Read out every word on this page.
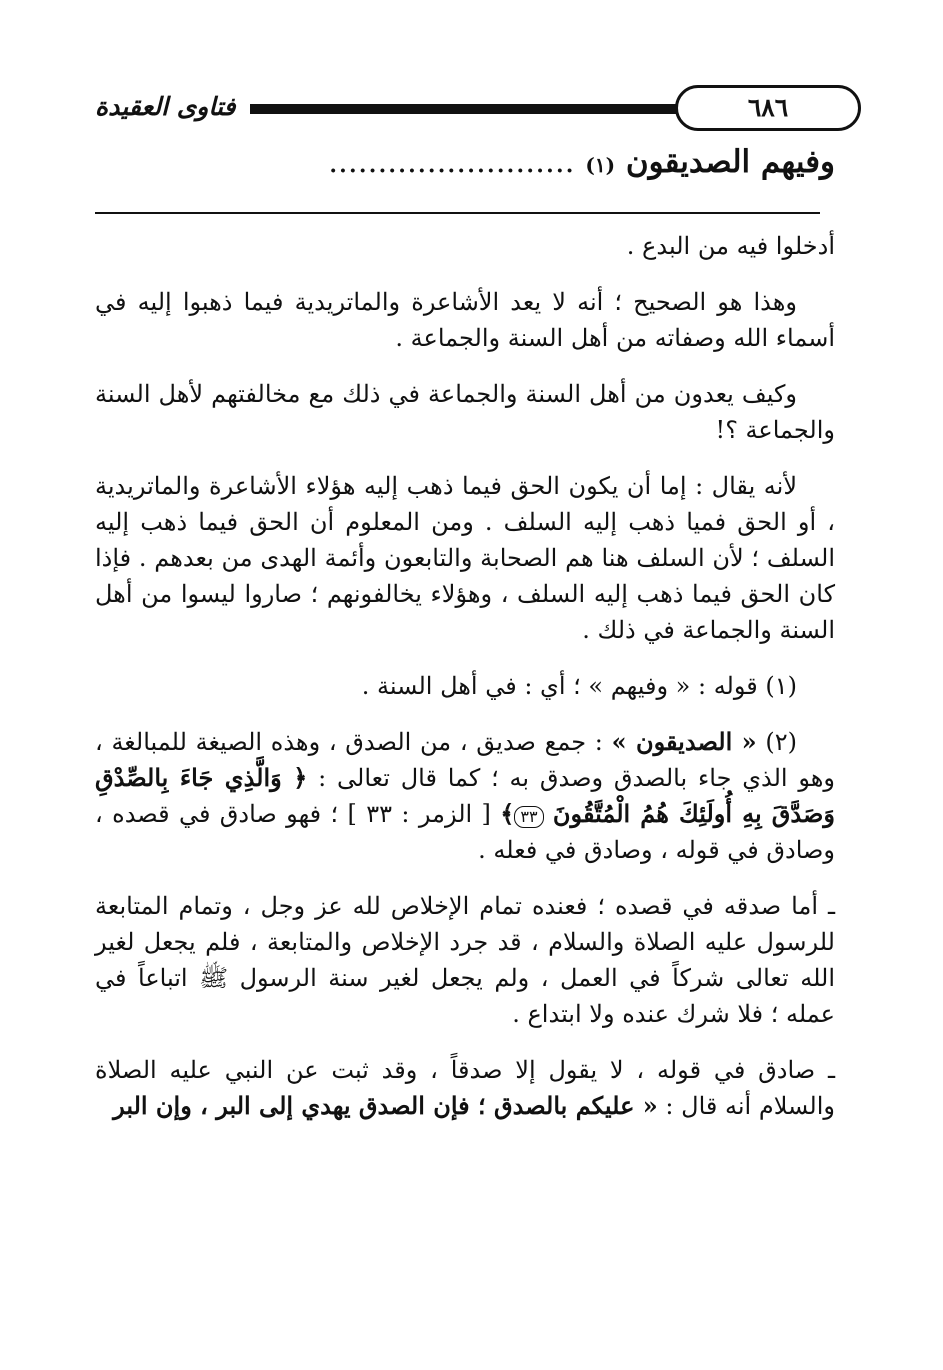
فتاوى العقيدة	٦٨٦
وفيهم الصديقون (١) .........................

أدخلوا فيه من البدع .

وهذا هو الصحيح ؛ أنه لا يعد الأشاعرة والماتريدية فيما ذهبوا إليه في أسماء الله وصفاته من أهل السنة والجماعة .

وكيف يعدون من أهل السنة والجماعة في ذلك مع مخالفتهم لأهل السنة والجماعة ؟!

لأنه يقال : إما أن يكون الحق فيما ذهب إليه هؤلاء الأشاعرة والماتريدية ، أو الحق فميا ذهب إليه السلف . ومن المعلوم أن الحق فيما ذهب إليه السلف ؛ لأن السلف هنا هم الصحابة والتابعون وأئمة الهدى من بعدهم . فإذا كان الحق فيما ذهب إليه السلف ، وهؤلاء يخالفونهم ؛ صاروا ليسوا من أهل السنة والجماعة في ذلك .

(١) قوله : « وفيهم » ؛ أي : في أهل السنة .

(٢) « الصديقون » : جمع صديق ، من الصدق ، وهذه الصيغة للمبالغة ، وهو الذي جاء بالصدق وصدق به ؛ كما قال تعالى : ﴿ وَالَّذِي جَاءَ بِالصِّدْقِ وَصَدَّقَ بِهِ أُولَئِكَ هُمُ الْمُتَّقُونَ ٣٣﴾ [ الزمر : ٣٣ ] ؛ فهو صادق في قصده ، وصادق في قوله ، وصادق في فعله .

ـ أما صدقه في قصده ؛ فعنده تمام الإخلاص لله عز وجل ، وتمام المتابعة للرسول عليه الصلاة والسلام ، قد جرد الإخلاص والمتابعة ، فلم يجعل لغير الله تعالى شركاً في العمل ، ولم يجعل لغير سنة الرسول ﷺ اتباعاً في عمله ؛ فلا شرك عنده ولا ابتداع .

ـ صادق في قوله ، لا يقول إلا صدقاً ، وقد ثبت عن النبي عليه الصلاة والسلام أنه قال : « عليكم بالصدق ؛ فإن الصدق يهدي إلى البر ، وإن البر
